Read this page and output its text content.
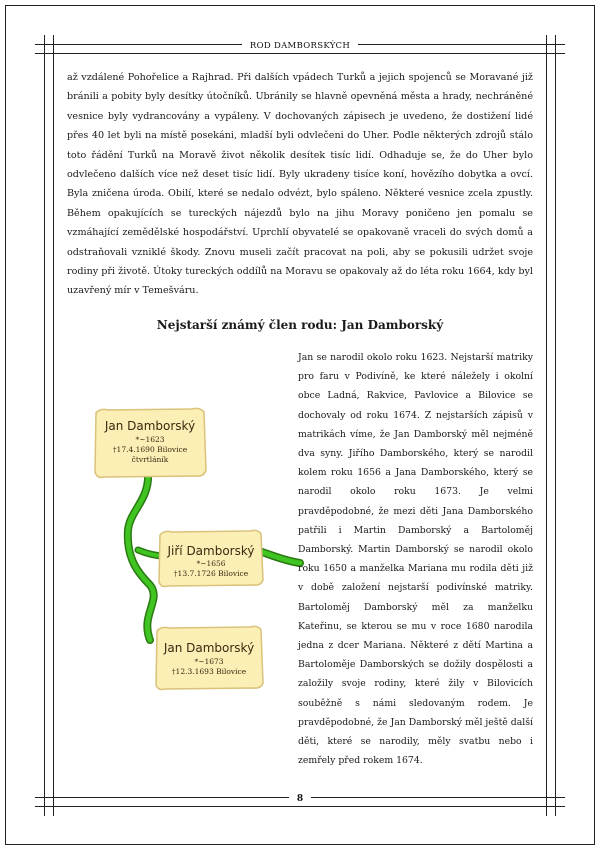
ROD DAMBORSKÝCH

až vzdálené Pohořelice a Rajhrad. Při dalších vpádech Turků a jejich spojenců se Moravané již bránili a pobity byly desítky útočníků. Ubránily se hlavně opevněná města a hrady, nechráněné vesnice byly vydrancovány a vypáleny. V dochovaných zápisech je uvedeno, že dostižení lidé přes 40 let byli na místě posekáni, mladší byli odvlečeni do Uher. Podle některých zdrojů stálo toto řádění Turků na Moravě život několik desítek tisíc lidí. Odhaduje se, že do Uher bylo odvlečeno dalších více než deset tisíc lidí. Byly ukradeny tisíce koní, hovězího dobytka a ovcí. Byla zničena úroda. Obilí, které se nedalo odvézt, bylo spáleno. Některé vesnice zcela zpustly. Během opakujících se tureckých nájezdů bylo na jihu Moravy poničeno jen pomalu se vzmáhající zemědělské hospodářství. Uprchlí obyvatelé se opakovaně vraceli do svých domů a odstraňovali vzniklé škody. Znovu museli začít pracovat na poli, aby se pokusili udržet svoje rodiny při životě. Útoky tureckých oddílů na Moravu se opakovaly až do léta roku 1664, kdy byl uzavřený mír v Temešváru.

Nejstarší známý člen rodu: Jan Damborský
Jan Damborský
*~1623
†17.4.1690 Bilovice
čtvrtláník
Jiří Damborský
*~1656
†13.7.1726 Bilovice
Jan Damborský
*~1673
†12.3.1693 Bilovice

Jan se narodil okolo roku 1623. Nejstarší matriky pro faru v Podivíně, ke které náležely i okolní obce Ladná, Rakvice, Pavlovice a Bilovice se dochovaly od roku 1674. Z nejstarších zápisů v matrikách víme, že Jan Damborský měl nejméně dva syny. Jiřího Damborského, který se narodil kolem roku 1656 a Jana Damborského, který se narodil okolo roku 1673. Je velmi pravděpodobné, že mezi děti Jana Damborského patřili i Martin Damborský a Bartoloměj Damborský. Martin Damborský se narodil okolo roku 1650 a manželka Mariana mu rodila děti již v době založení nejstarší podivínské matriky. Bartoloměj Damborský měl za manželku Kateřinu, se kterou se mu v roce 1680 narodila jedna z dcer Mariana. Některé z dětí Martina a Bartoloměje Damborských se dožily dospělosti a založily svoje rodiny, které žily v Bilovicích souběžně s námi sledovaným rodem. Je pravděpodobné, že Jan Damborský měl ještě další děti, které se narodily, měly svatbu nebo i zemřely před rokem 1674.

8
